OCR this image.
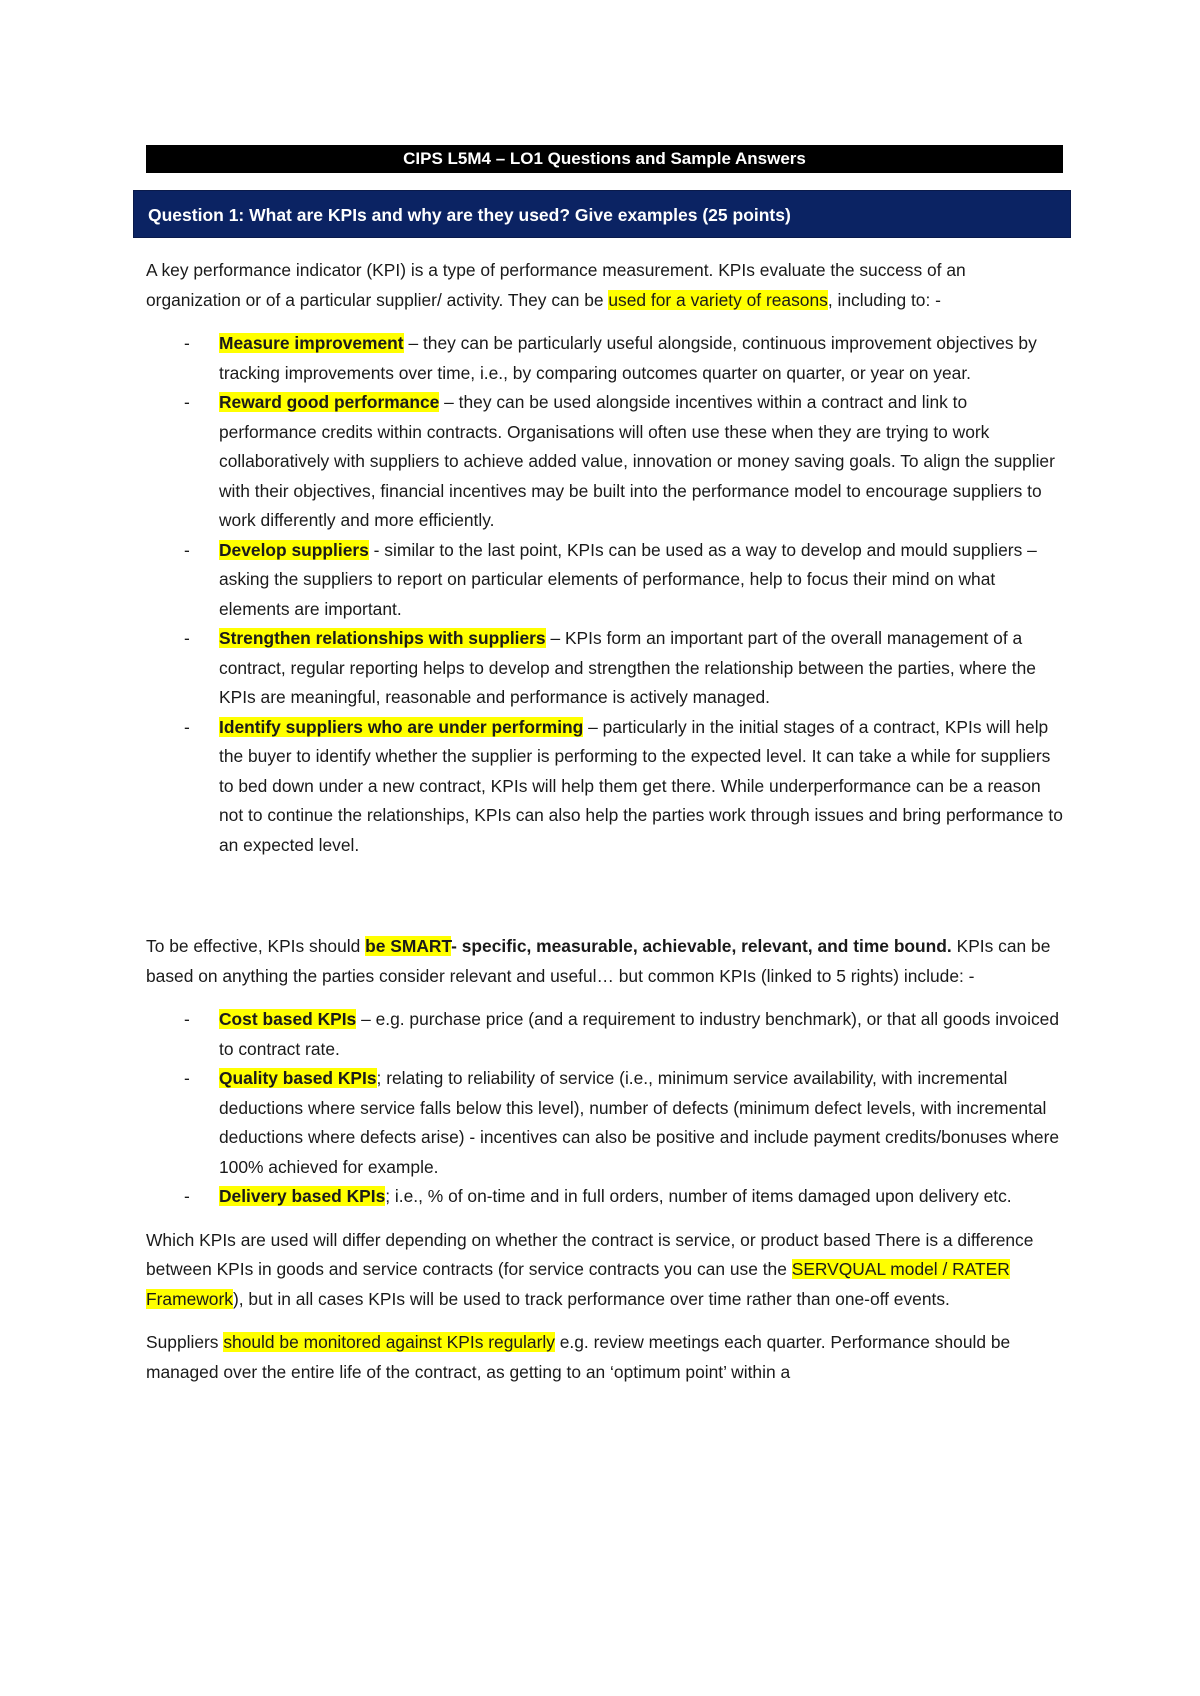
CIPS L5M4 – LO1 Questions and Sample Answers
Question 1: What are KPIs and why are they used? Give examples (25 points)

A key performance indicator (KPI) is a type of performance measurement. KPIs evaluate the success of an organization or of a particular supplier/ activity. They can be used for a variety of reasons, including to: -

- Measure improvement – they can be particularly useful alongside, continuous improvement objectives by tracking improvements over time, i.e., by comparing outcomes quarter on quarter, or year on year.
- Reward good performance – they can be used alongside incentives within a contract and link to performance credits within contracts. Organisations will often use these when they are trying to work collaboratively with suppliers to achieve added value, innovation or money saving goals. To align the supplier with their objectives, financial incentives may be built into the performance model to encourage suppliers to work differently and more efficiently.
- Develop suppliers - similar to the last point, KPIs can be used as a way to develop and mould suppliers – asking the suppliers to report on particular elements of performance, help to focus their mind on what elements are important.
- Strengthen relationships with suppliers – KPIs form an important part of the overall management of a contract, regular reporting helps to develop and strengthen the relationship between the parties, where the KPIs are meaningful, reasonable and performance is actively managed.
- Identify suppliers who are under performing – particularly in the initial stages of a contract, KPIs will help the buyer to identify whether the supplier is performing to the expected level. It can take a while for suppliers to bed down under a new contract, KPIs will help them get there. While underperformance can be a reason not to continue the relationships, KPIs can also help the parties work through issues and bring performance to an expected level.

To be effective, KPIs should be SMART- specific, measurable, achievable, relevant, and time bound. KPIs can be based on anything the parties consider relevant and useful… but common KPIs (linked to 5 rights) include: -

- Cost based KPIs – e.g. purchase price (and a requirement to industry benchmark), or that all goods invoiced to contract rate.
- Quality based KPIs; relating to reliability of service (i.e., minimum service availability, with incremental deductions where service falls below this level), number of defects (minimum defect levels, with incremental deductions where defects arise) - incentives can also be positive and include payment credits/bonuses where 100% achieved for example.
- Delivery based KPIs; i.e., % of on-time and in full orders, number of items damaged upon delivery etc.

Which KPIs are used will differ depending on whether the contract is service, or product based There is a difference between KPIs in goods and service contracts (for service contracts you can use the SERVQUAL model / RATER Framework), but in all cases KPIs will be used to track performance over time rather than one-off events.

Suppliers should be monitored against KPIs regularly e.g. review meetings each quarter. Performance should be managed over the entire life of the contract, as getting to an ‘optimum point’ within a
